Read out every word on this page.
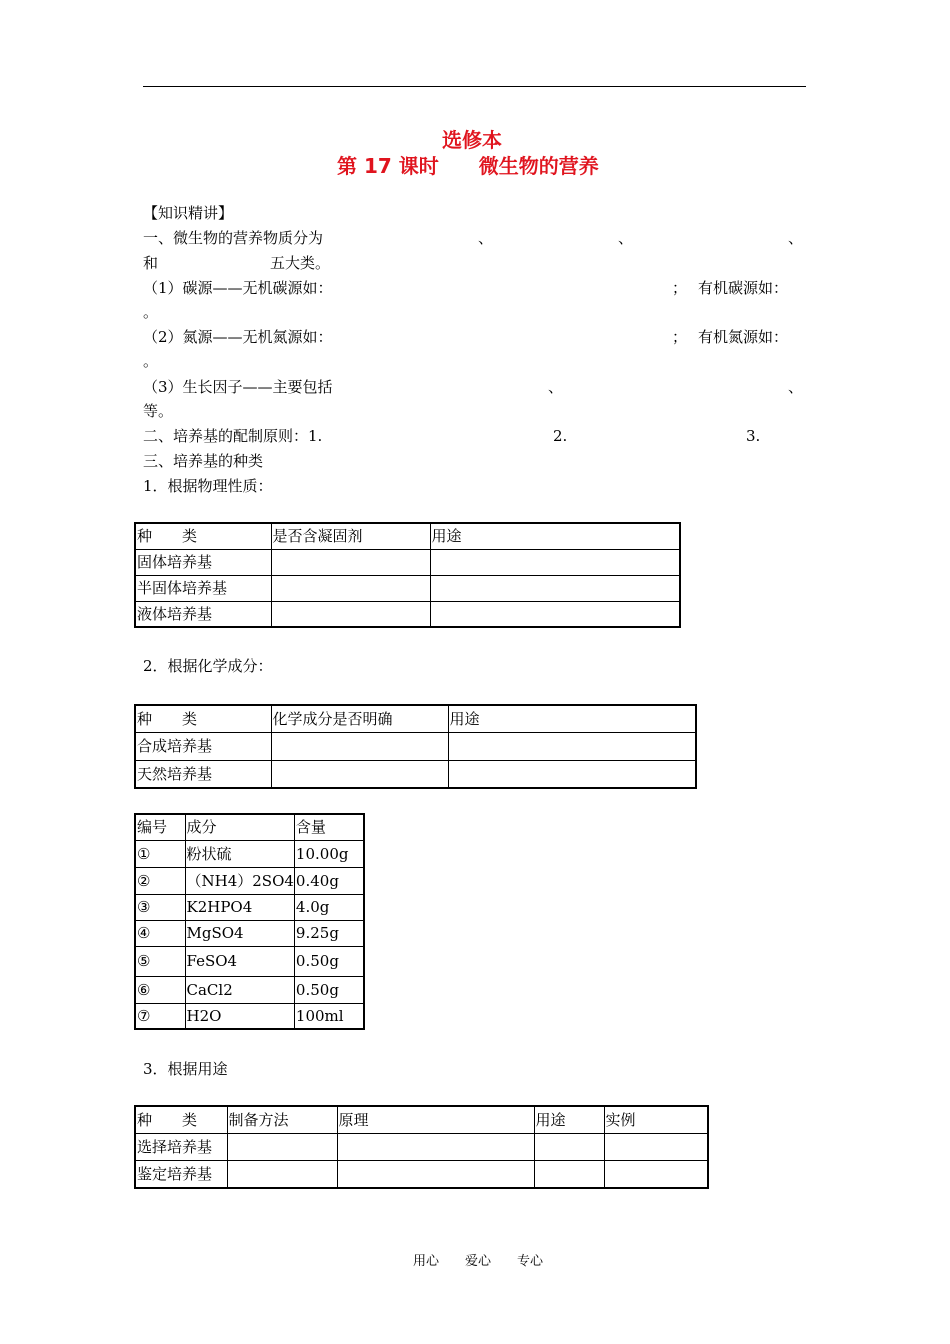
选修本
第 17 课时　　微生物的营养
【知识精讲】
一、微生物的营养物质分为	、	、	、
和	五大类。
（1）碳源——无机碳源如：	； 有机碳源如：
。
（2）氮源——无机氮源如：	； 有机氮源如：
。
（3）生长因子——主要包括	、	、
等。
二、培养基的配制原则：1.	2.	3.
三、培养基的种类
1．根据物理性质：
种　　类	是否含凝固剂	用途
固体培养基		
半固体培养基		
液体培养基		
2．根据化学成分：
种　　类	化学成分是否明确	用途
合成培养基		
天然培养基		
编号	成分	含量
①	粉状硫	10.00g
②	（NH4）2SO4	0.40g
③	K2HPO4	4.0g
④	MgSO4	9.25g
⑤	FeSO4	0.50g
⑥	CaCl2	0.50g
⑦	H2O	100ml
3．根据用途
种　　类	制备方法	原理	用途	实例
选择培养基				
鉴定培养基				
用心　　爱心　　专心
